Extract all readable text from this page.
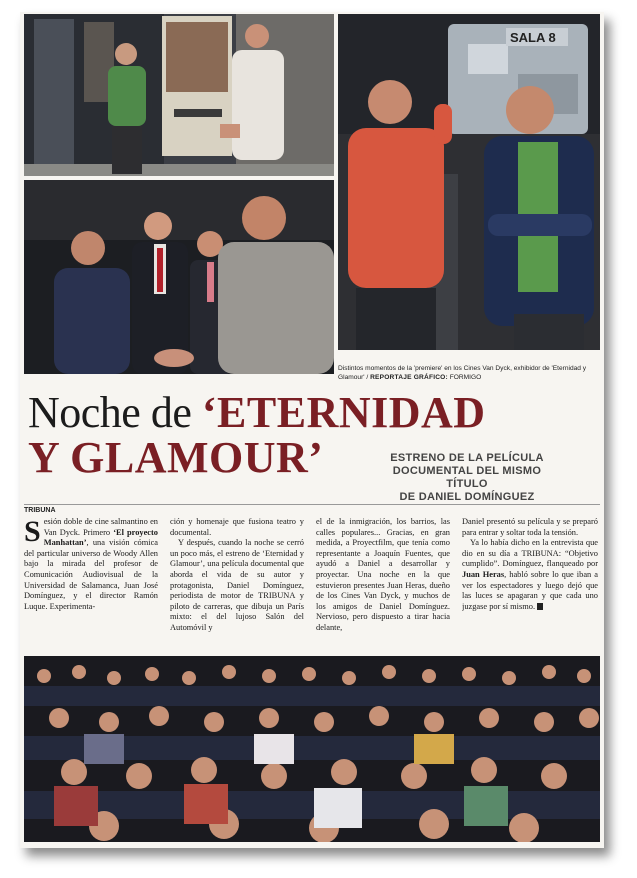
SALA 8
Distintos momentos de la 'premiere' en los Cines Van Dyck, exhibidor de 'Eternidad y Glamour' / REPORTAJE GRÁFICO: FORMIGO
Noche de ‘ETERNIDAD
Y GLAMOUR’	ESTRENO DE LA PELÍCULA
DOCUMENTAL DEL MISMO TÍTULO
DE DANIEL DOMÍNGUEZ
TRIBUNA
Sesión doble de cine salmantino en Van Dyck. Primero ‘El proyecto Manhattan’, una visión cómica del particular universo de Woody Allen bajo la mirada del profesor de Comunicación Audiovisual de la Universidad de Salamanca, Juan José Domínguez, y el director Ramón Luque. Experimenta-
ción y homenaje que fusiona teatro y documental.
Y después, cuando la noche se cerró un poco más, el estreno de ‘Eternidad y Glamour’, una película documental que aborda el vida de su autor y protagonista, Daniel Domínguez, periodista de motor de TRIBUNA y piloto de carreras, que dibuja un París mixto: el del lujoso Salón del Automóvil y
el de la inmigración, los barrios, las calles populares... Gracias, en gran medida, a Proyectfilm, que tenía como representante a Joaquín Fuentes, que ayudó a Daniel a desarrollar y proyectar. Una noche en la que estuvieron presentes Juan Heras, dueño de los Cines Van Dyck, y muchos de los amigos de Daniel Domínguez. Nervioso, pero dispuesto a tirar hacia delante,
Daniel presentó su película y se preparó para entrar y soltar toda la tensión.
Ya lo había dicho en la entrevista que dio en su día a TRIBUNA: “Objetivo cumplido”. Domínguez, flanqueado por Juan Heras, habló sobre lo que iban a ver los espectadores y luego dejó que las luces se apagaran y que cada uno juzgase por sí mismo.
